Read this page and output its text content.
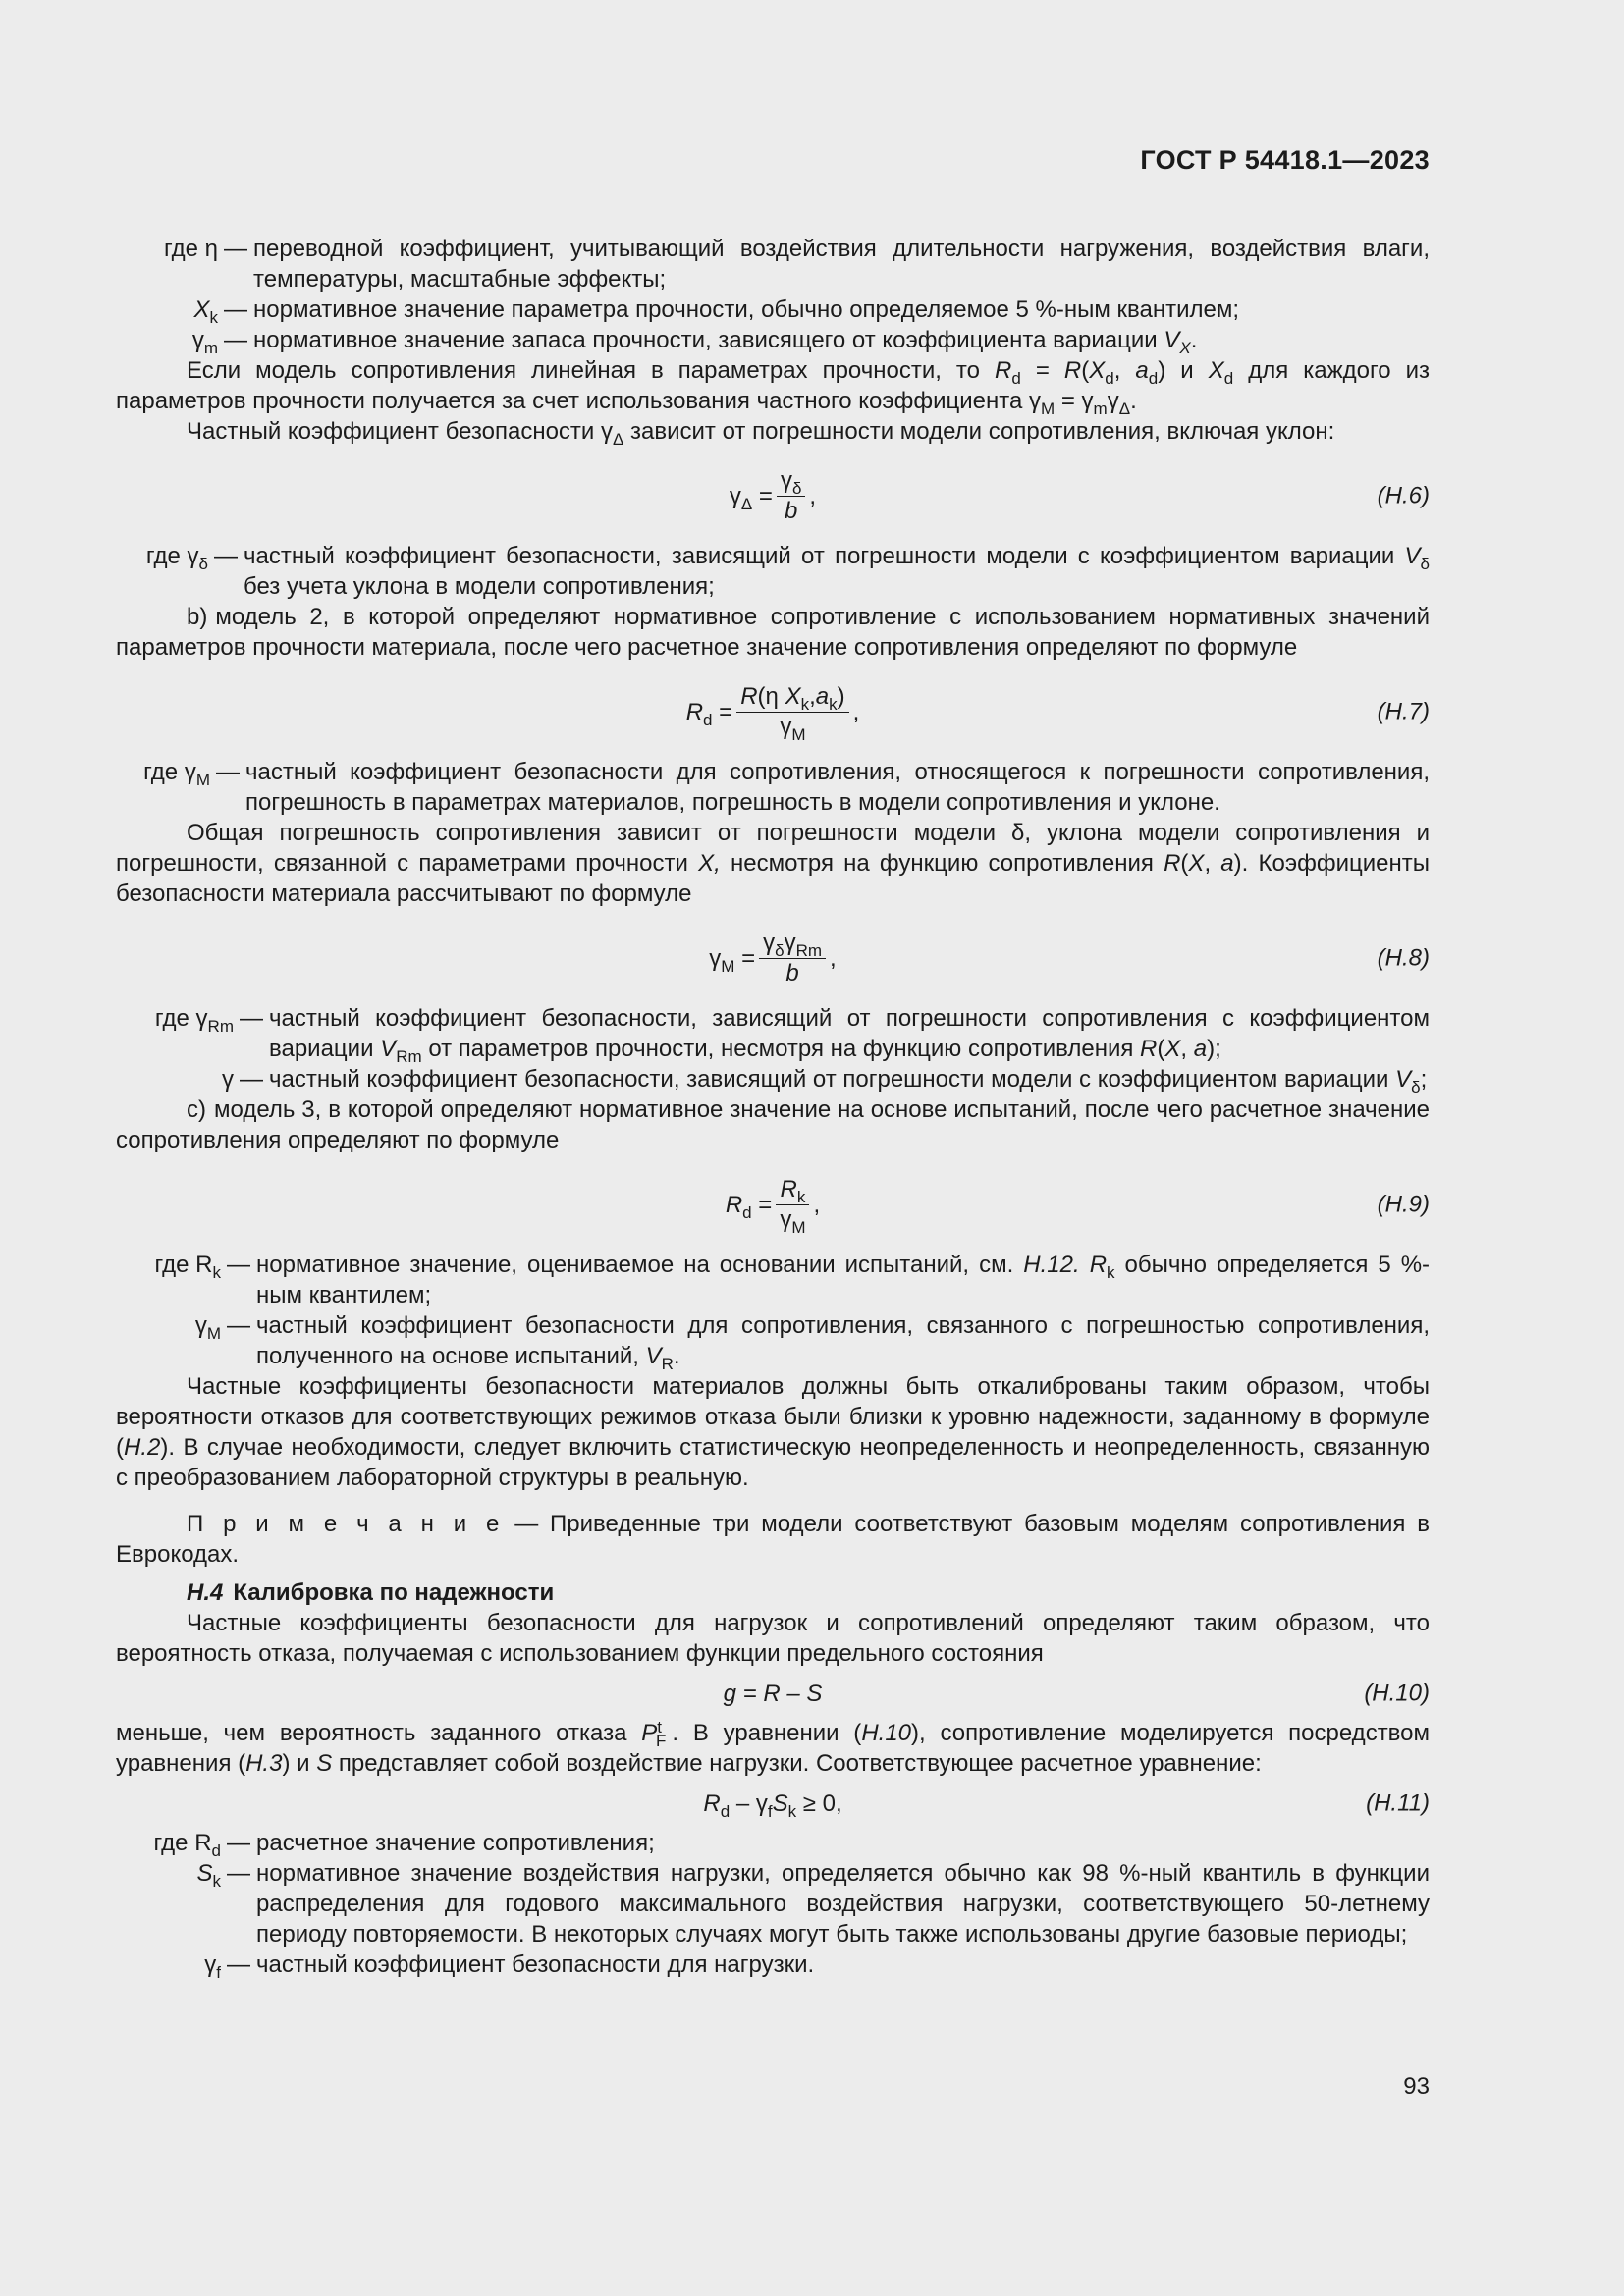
ГОСТ Р 54418.1—2023
где η — переводной коэффициент, учитывающий воздействия длительности нагружения, воздействия влаги, температуры, масштабные эффекты;
$X_k$ — нормативное значение параметра прочности, обычно определяемое 5 %-ным квантилем;
$\gamma_m$ — нормативное значение запаса прочности, зависящего от коэффициента вариации $V_X$.
Если модель сопротивления линейная в параметрах прочности, то $R_d = R(X_d$, $a_d$) и $X_d$ для каждого из параметров прочности получается за счет использования частного коэффициента $\gamma_M = \gamma_m\gamma_\Delta$.
Частный коэффициент безопасности $\gamma_\Delta$ зависит от погрешности модели сопротивления, включая уклон:
$\gamma_\Delta = \frac{\gamma_\delta}{b}$ ,	(H.6)
где $\gamma_\delta$ — частный коэффициент безопасности, зависящий от погрешности модели с коэффициентом вариации $V_\delta$ без учета уклона в модели сопротивления;
b) модель 2, в которой определяют нормативное сопротивление с использованием нормативных значений параметров прочности материала, после чего расчетное значение сопротивления определяют по формуле
$R_d = \frac{R(\eta X_k,a_k)}{\gamma_M}$ ,	(H.7)
где $\gamma_M$ — частный коэффициент безопасности для сопротивления, относящегося к погрешности сопротивления, погрешность в параметрах материалов, погрешность в модели сопротивления и уклоне.
Общая погрешность сопротивления зависит от погрешности модели δ, уклона модели сопротивления и погрешности, связанной с параметрами прочности X, несмотря на функцию сопротивления R(X, a). Коэффициенты безопасности материала рассчитывают по формуле
$\gamma_M = \frac{\gamma_\delta\gamma_{Rm}}{b}$ ,	(H.8)
где $\gamma_{Rm}$ — частный коэффициент безопасности, зависящий от погрешности сопротивления с коэффициентом вариации $V_{Rm}$ от параметров прочности, несмотря на функцию сопротивления R(X, a);
γ — частный коэффициент безопасности, зависящий от погрешности модели с коэффициентом вариации $V_\delta$;
c) модель 3, в которой определяют нормативное значение на основе испытаний, после чего расчетное значение сопротивления определяют по формуле
$R_d = \frac{R_k}{\gamma_M}$ ,	(H.9)
где $R_k$ — нормативное значение, оцениваемое на основании испытаний, см. H.12. $R_k$ обычно определяется 5 %-ным квантилем;
$\gamma_M$ — частный коэффициент безопасности для сопротивления, связанного с погрешностью сопротивления, полученного на основе испытаний, $V_R$.
Частные коэффициенты безопасности материалов должны быть откалиброваны таким образом, чтобы вероятности отказов для соответствующих режимов отказа были близки к уровню надежности, заданному в формуле (H.2). В случае необходимости, следует включить статистическую неопределенность и неопределенность, связанную с преобразованием лабораторной структуры в реальную.
П р и м е ч а н и е — Приведенные три модели соответствуют базовым моделям сопротивления в Еврокодах.
H.4 Калибровка по надежности
Частные коэффициенты безопасности для нагрузок и сопротивлений определяют таким образом, что вероятность отказа, получаемая с использованием функции предельного состояния
g = R – S	(H.10)
меньше, чем вероятность заданного отказа $P_{tF}$ . В уравнении (H.10), сопротивление моделируется посредством уравнения (H.3) и S представляет собой воздействие нагрузки. Соответствующее расчетное уравнение:
$R_d - \gamma_fS_k \ge 0$,	(H.11)
где $R_d$ — расчетное значение сопротивления;
$S_k$ — нормативное значение воздействия нагрузки, определяется обычно как 98 %-ный квантиль в функции распределения для годового максимального воздействия нагрузки, соответствующего 50-летнему периоду повторяемости. В некоторых случаях могут быть также использованы другие базовые периоды;
$\gamma_f$ — частный коэффициент безопасности для нагрузки.
93
